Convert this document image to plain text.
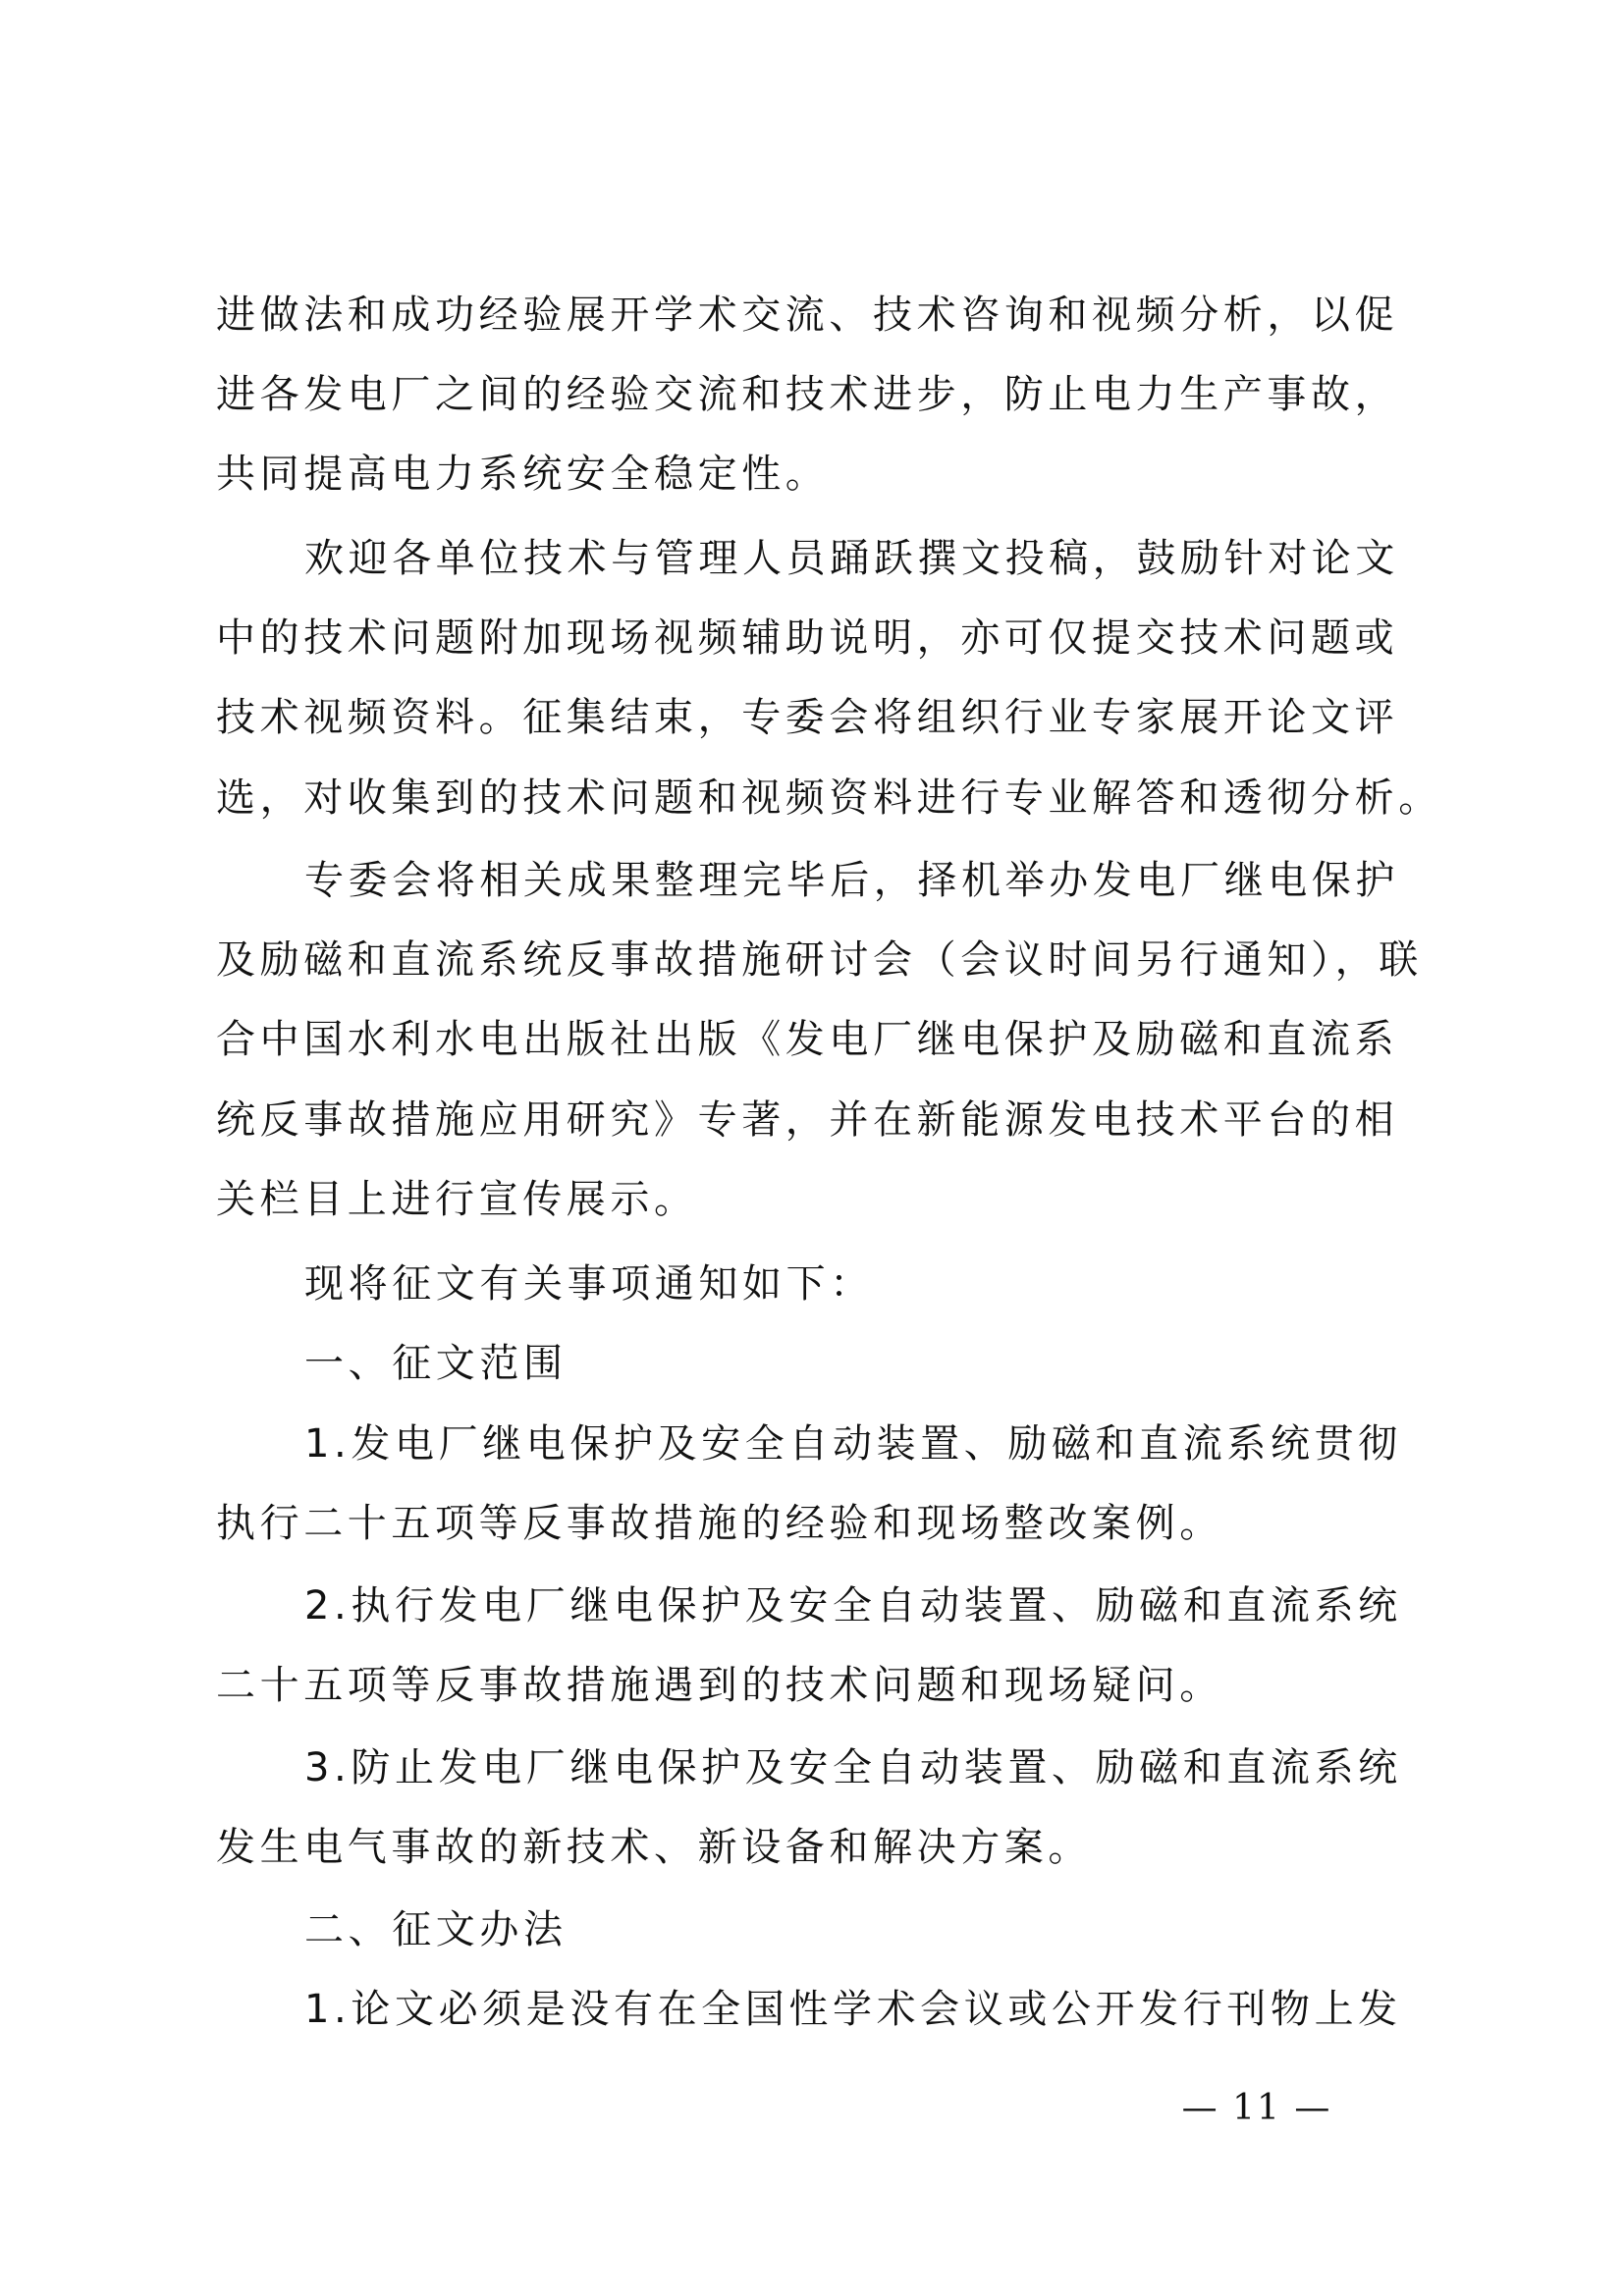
进做法和成功经验展开学术交流、技术咨询和视频分析，以促
进各发电厂之间的经验交流和技术进步，防止电力生产事故，
共同提高电力系统安全稳定性。
欢迎各单位技术与管理人员踊跃撰文投稿，鼓励针对论文
中的技术问题附加现场视频辅助说明，亦可仅提交技术问题或
技术视频资料。征集结束，专委会将组织行业专家展开论文评
选，对收集到的技术问题和视频资料进行专业解答和透彻分析。
专委会将相关成果整理完毕后，择机举办发电厂继电保护
及励磁和直流系统反事故措施研讨会（会议时间另行通知），联
合中国水利水电出版社出版《发电厂继电保护及励磁和直流系
统反事故措施应用研究》专著，并在新能源发电技术平台的相
关栏目上进行宣传展示。
现将征文有关事项通知如下：
一、征文范围
1.发电厂继电保护及安全自动装置、励磁和直流系统贯彻
执行二十五项等反事故措施的经验和现场整改案例。
2.执行发电厂继电保护及安全自动装置、励磁和直流系统
二十五项等反事故措施遇到的技术问题和现场疑问。
3.防止发电厂继电保护及安全自动装置、励磁和直流系统
发生电气事故的新技术、新设备和解决方案。
二、征文办法
1.论文必须是没有在全国性学术会议或公开发行刊物上发
— 11 —
